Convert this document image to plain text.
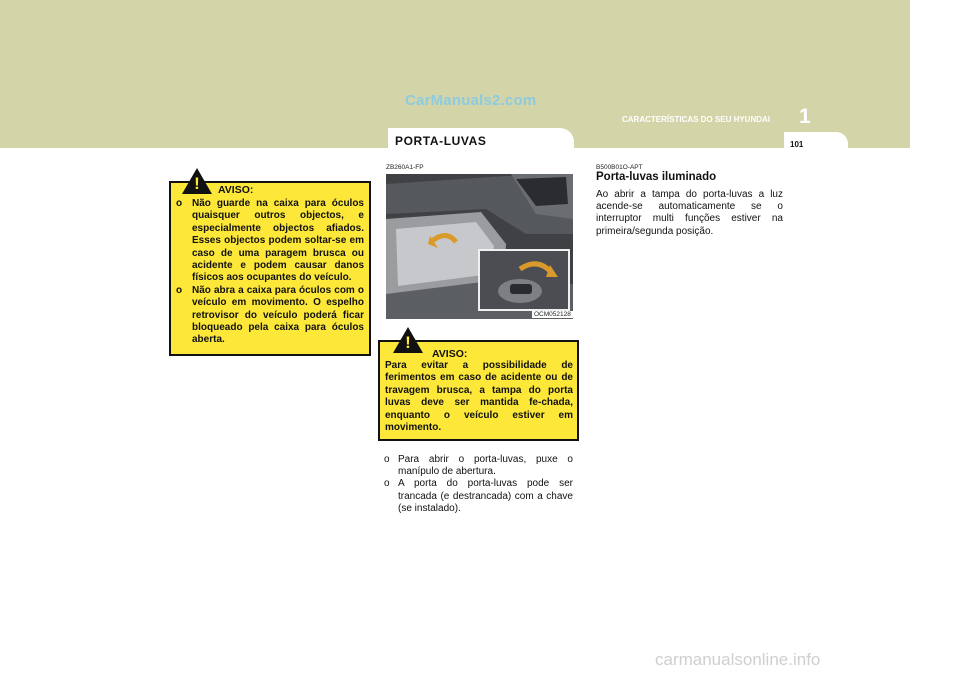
CarManuals2.com
CARACTERÍSTICAS DO SEU HYUNDAI 1
PORTA-LUVAS	101
!	AVISO:
o Não guarde na caixa para óculos quaisquer outros objectos, e especialmente objectos afiados. Esses objectos podem soltar-se em caso de uma paragem brusca ou acidente e podem causar danos físicos aos ocupantes do veículo.
o Não abra a caixa para óculos com o veículo em movimento. O espelho retrovisor do veículo poderá ficar bloqueado pela caixa para óculos aberta.
ZB260A1-FP
OCM052128
!
AVISO:
Para evitar a possibilidade de ferimentos em caso de acidente ou de travagem brusca, a tampa do porta luvas deve ser mantida fe-chada, enquanto o veículo estiver em movimento.
o Para abrir o porta-luvas, puxe o manípulo de abertura.
o A porta do porta-luvas pode ser trancada (e destrancada) com a chave (se instalado).
B500B01O-APT
Porta-luvas iluminado
Ao abrir a tampa do porta-luvas a luz acende-se automaticamente se o interruptor multi funções estiver na primeira/segunda posição.
carmanualsonline.info
